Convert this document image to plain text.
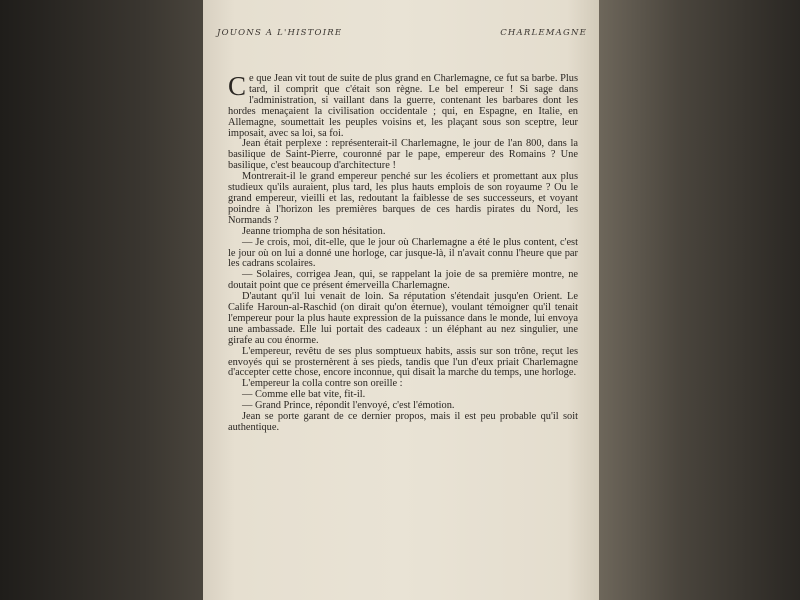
JOUONS A L'HISTOIRE	CHARLEMAGNE

Ce que Jean vit tout de suite de plus grand en Charlemagne, ce fut sa barbe. Plus tard, il comprit que c'était son règne. Le bel empereur ! Si sage dans l'administration, si vaillant dans la guerre, contenant les barbares dont les hordes menaçaient la civilisation occidentale ; qui, en Espagne, en Italie, en Allemagne, soumettait les peuples voisins et, les plaçant sous son sceptre, leur imposait, avec sa loi, sa foi.

Jean était perplexe : représenterait-il Charlemagne, le jour de l'an 800, dans la basilique de Saint-Pierre, couronné par le pape, empereur des Romains ? Une basilique, c'est beaucoup d'architecture !

Montrerait-il le grand empereur penché sur les écoliers et promettant aux plus studieux qu'ils auraient, plus tard, les plus hauts emplois de son royaume ? Ou le grand empereur, vieilli et las, redoutant la faiblesse de ses successeurs, et voyant poindre à l'horizon les premières barques de ces hardis pirates du Nord, les Normands ?

Jeanne triompha de son hésitation.

— Je crois, moi, dit-elle, que le jour où Charlemagne a été le plus content, c'est le jour où on lui a donné une horloge, car jusque-là, il n'avait connu l'heure que par les cadrans scolaires.

— Solaires, corrigea Jean, qui, se rappelant la joie de sa première montre, ne doutait point que ce présent émerveilla Charlemagne.

D'autant qu'il lui venait de loin. Sa réputation s'étendait jusqu'en Orient. Le Calife Haroun-al-Raschid (on dirait qu'on éternue), voulant témoigner qu'il tenait l'empereur pour la plus haute expression de la puissance dans le monde, lui envoya une ambassade. Elle lui portait des cadeaux : un éléphant au nez singulier, une girafe au cou énorme.

L'empereur, revêtu de ses plus somptueux habits, assis sur son trône, reçut les envoyés qui se prosternèrent à ses pieds, tandis que l'un d'eux priait Charlemagne d'accepter cette chose, encore inconnue, qui disait la marche du temps, une horloge.

L'empereur la colla contre son oreille :

— Comme elle bat vite, fit-il.

— Grand Prince, répondit l'envoyé, c'est l'émotion.

Jean se porte garant de ce dernier propos, mais il est peu probable qu'il soit authentique.
